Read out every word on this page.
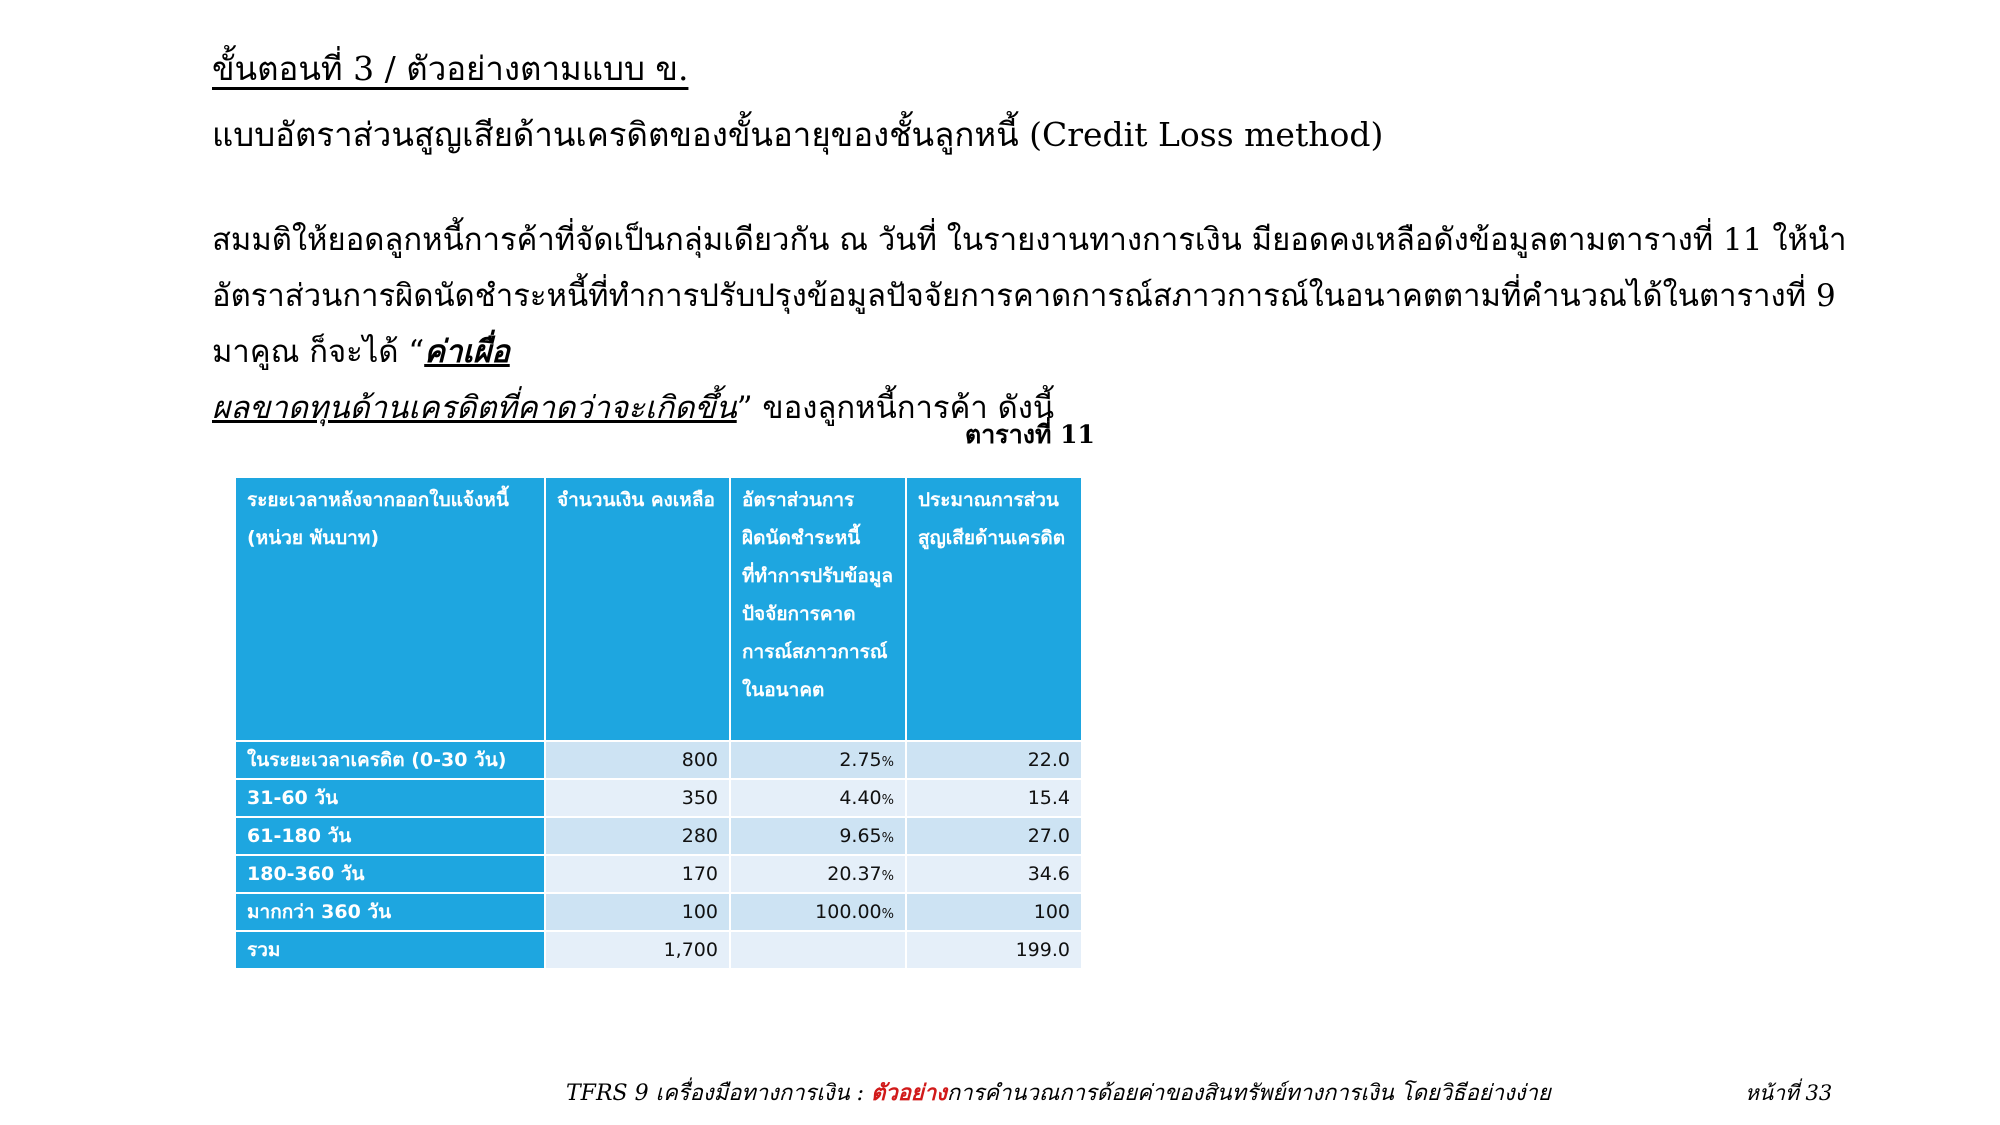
ขั้นตอนที่ 3 / ตัวอย่างตามแบบ ข.
แบบอัตราส่วนสูญเสียด้านเครดิตของขั้นอายุของชั้นลูกหนี้ (Credit Loss method)
สมมติให้ยอดลูกหนี้การค้าที่จัดเป็นกลุ่มเดียวกัน ณ วันที่ ในรายงานทางการเงิน มียอดคงเหลือดังข้อมูลตามตารางที่ 11 ให้นำอัตราส่วนการผิดนัดชำระหนี้ที่ทำการปรับปรุงข้อมูลปัจจัยการคาดการณ์สภาวการณ์ในอนาคตตามที่คำนวณได้ในตารางที่ 9 มาคูณ ก็จะได้ “ค่าเผื่อ
ผลขาดทุนด้านเครดิตที่คาดว่าจะเกิดขึ้น” ของลูกหนี้การค้า ดังนี้
ตารางที่ 11
ระยะเวลาหลังจากออกใบแจ้งหนี้ (หน่วย พันบาท)	จำนวนเงิน คงเหลือ	อัตราส่วนการผิดนัดชำระหนี้ที่ทำการปรับข้อมูลปัจจัยการคาดการณ์สภาวการณ์ในอนาคต	ประมาณการส่วนสูญเสียด้านเครดิต
ในระยะเวลาเครดิต (0-30 วัน)	800	2.75%	22.0
31-60 วัน	350	4.40%	15.4
61-180 วัน	280	9.65%	27.0
180-360 วัน	170	20.37%	34.6
มากกว่า 360 วัน	100	100.00%	100
รวม	1,700		199.0
TFRS 9 เครื่องมือทางการเงิน : ตัวอย่างการคำนวณการด้อยค่าของสินทรัพย์ทางการเงิน โดยวิธีอย่างง่าย	หน้าที่ 33
